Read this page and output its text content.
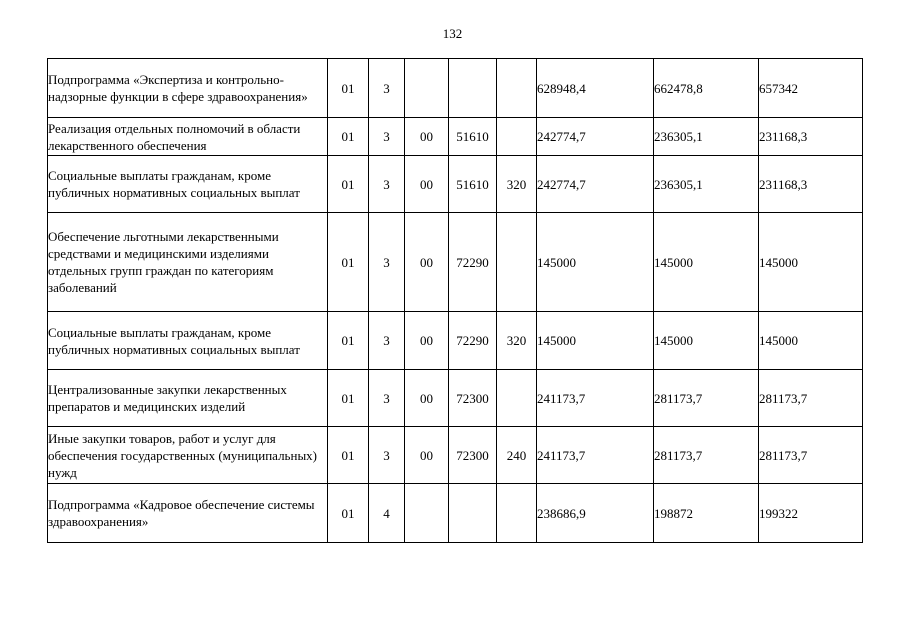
132
Подпрограмма «Экспертиза и контрольно-надзорные функции в сфере здравоохранения»	01	3				628948,4	662478,8	657342
Реализация отдельных полномочий в области лекарственного обеспечения	01	3	00	51610		242774,7	236305,1	231168,3
Социальные выплаты гражданам, кроме публичных нормативных социальных выплат	01	3	00	51610	320	242774,7	236305,1	231168,3
Обеспечение льготными лекарственными средствами и медицинскими изделиями отдельных групп граждан по категориям заболеваний	01	3	00	72290		145000	145000	145000
Социальные выплаты гражданам, кроме публичных нормативных социальных выплат	01	3	00	72290	320	145000	145000	145000
Централизованные закупки лекарственных препаратов и медицинских изделий	01	3	00	72300		241173,7	281173,7	281173,7
Иные закупки товаров, работ и услуг для обеспечения государственных (муниципальных) нужд	01	3	00	72300	240	241173,7	281173,7	281173,7
Подпрограмма «Кадровое обеспечение системы здравоохранения»	01	4				238686,9	198872	199322
